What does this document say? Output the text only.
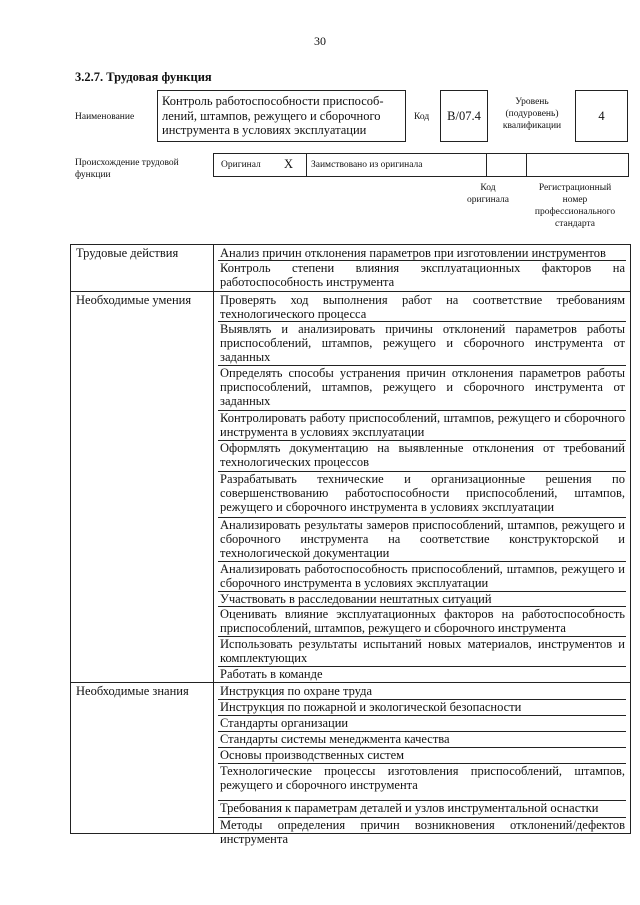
30
3.2.7. Трудовая функция
Наименование
Контроль работоспособности приспособ-лений, штампов, режущего и сборочного инструмента в условиях эксплуатации
Код	B/07.4
Уровень (подуровень) квалификации
4
Происхождение трудовой функции
Оригинал X Заимствовано из оригинала
Код оригинала
Регистрационный номер профессионального стандарта
Трудовые действия
Необходимые умения
Необходимые знания
Анализ причин отклонения параметров при изготовлении инструментов
Контроль степени влияния эксплуатационных факторов на работоспособность инструмента
Проверять ход выполнения работ на соответствие требованиям технологического процесса
Выявлять и анализировать причины отклонений параметров работы приспособлений, штампов, режущего и сборочного инструмента от заданных
Определять способы устранения причин отклонения параметров работы приспособлений, штампов, режущего и сборочного инструмента от заданных
Контролировать работу приспособлений, штампов, режущего и сборочного инструмента в условиях эксплуатации
Оформлять документацию на выявленные отклонения от требований технологических процессов
Разрабатывать технические и организационные решения по совершенствованию работоспособности приспособлений, штампов, режущего и сборочного инструмента в условиях эксплуатации
Анализировать результаты замеров приспособлений, штампов, режущего и сборочного инструмента на соответствие конструкторской и технологической документации
Анализировать работоспособность приспособлений, штампов, режущего и сборочного инструмента в условиях эксплуатации
Участвовать в расследовании нештатных ситуаций
Оценивать влияние эксплуатационных факторов на работоспособность приспособлений, штампов, режущего и сборочного инструмента
Использовать результаты испытаний новых материалов, инструментов и комплектующих
Работать в команде
Инструкция по охране труда
Инструкция по пожарной и экологической безопасности
Стандарты организации
Стандарты системы менеджмента качества
Основы производственных систем
Технологические процессы изготовления приспособлений, штампов, режущего и сборочного инструмента
Требования к параметрам деталей и узлов инструментальной оснастки
Методы определения причин возникновения отклонений/дефектов инструмента
